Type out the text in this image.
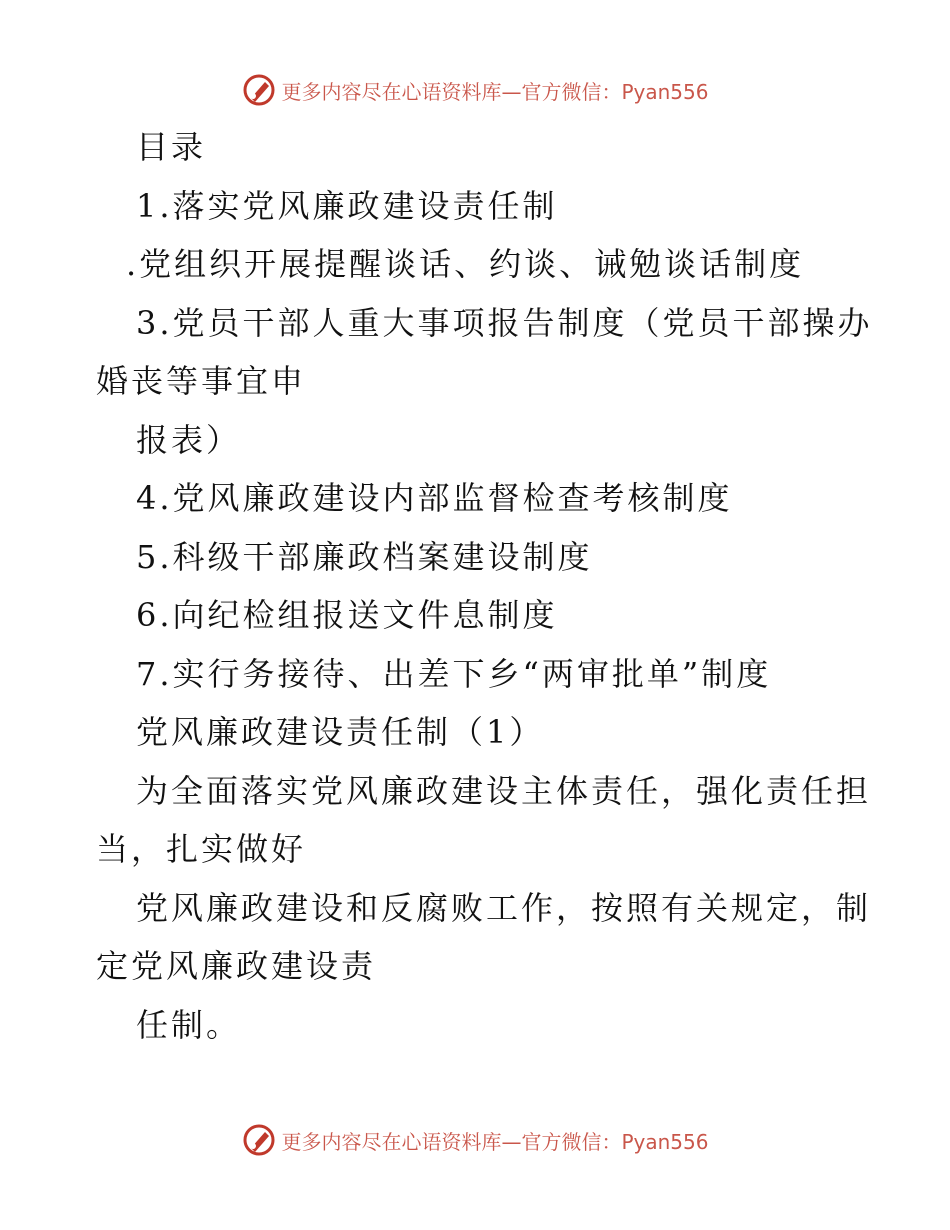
更多内容尽在心语资料库—官方微信：Pyan556
目录
1.落实党风廉政建设责任制
.党组织开展提醒谈话、约谈、诫勉谈话制度
3.党员干部人重大事项报告制度（党员干部操办
婚丧等事宜申
报表）
4.党风廉政建设内部监督检查考核制度
5.科级干部廉政档案建设制度
6.向纪检组报送文件息制度
7.实行务接待、出差下乡“两审批单”制度
党风廉政建设责任制（1）
为全面落实党风廉政建设主体责任，强化责任担
当，扎实做好
党风廉政建设和反腐败工作，按照有关规定，制
定党风廉政建设责
任制。
更多内容尽在心语资料库—官方微信：Pyan556
